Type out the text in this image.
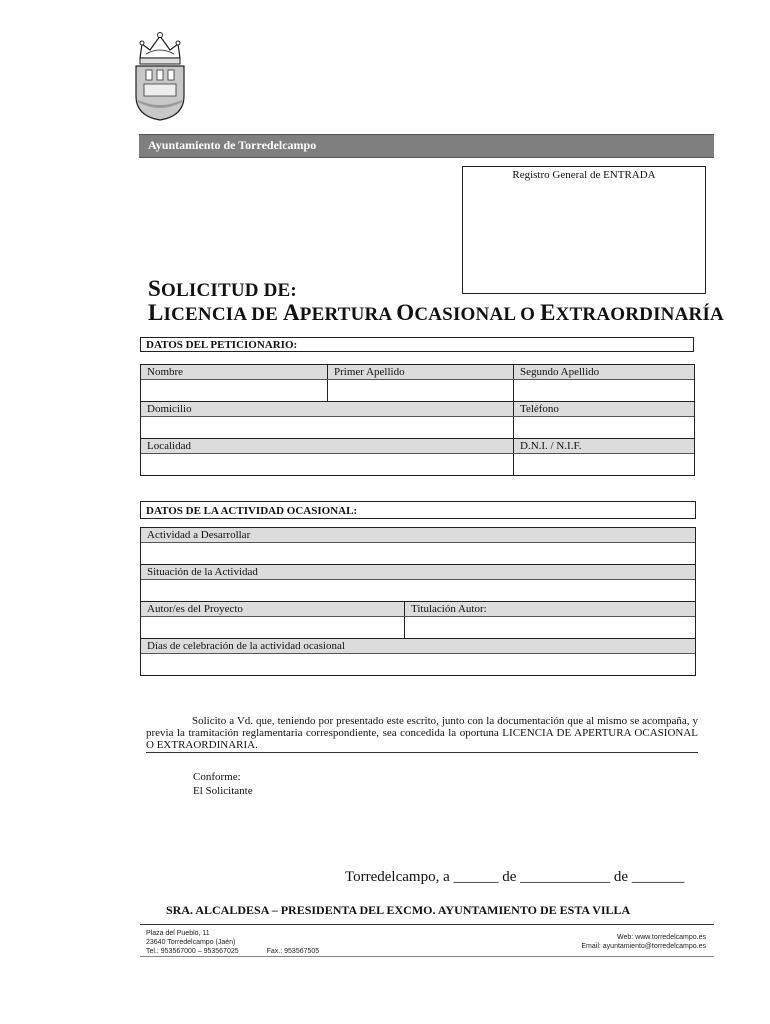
Ayuntamiento de Torredelcampo
Registro General de ENTRADA
SOLICITUD DE:
LICENCIA DE APERTURA OCASIONAL O EXTRAORDINARÍA
DATOS DEL PETICIONARIO:
Nombre	Primer Apellido	Segundo Apellido
Domicilio	Teléfono
Localidad	D.N.I. / N.I.F.
DATOS DE LA ACTIVIDAD OCASIONAL:
Actividad a Desarrollar
Situación de la Actividad
Autor/es del Proyecto	Titulación Autor:
Días de celebración de la actividad ocasional
Solicito a Vd. que, teniendo por presentado este escrito, junto con la documentación que al mismo se acompaña, y previa la tramitación reglamentaria correspondiente, sea concedida la oportuna LICENCIA DE APERTURA OCASIONAL O EXTRAORDINARIA.
Conforme:
El Solicitante
Torredelcampo, a ______ de ____________ de _______
SRA. ALCALDESA – PRESIDENTA DEL EXCMO. AYUNTAMIENTO DE ESTA VILLA
Plaza del Pueblo, 11
23640 Torredelcampo (Jaén)
Tel.: 953567000 – 953567025	Fax.: 953567505
Web: www.torredelcampo.es
Email: ayuntamiento@torredelcampo.es
